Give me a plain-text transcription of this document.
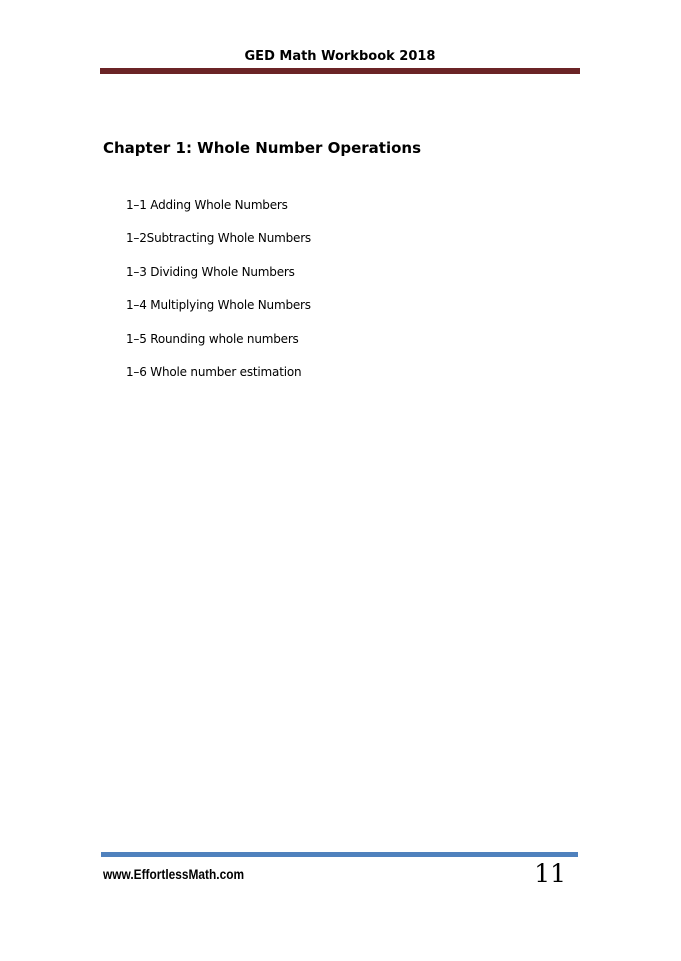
GED Math Workbook 2018
Chapter 1: Whole Number Operations
1–1 Adding Whole Numbers
1–2Subtracting Whole Numbers
1–3 Dividing Whole Numbers
1–4 Multiplying Whole Numbers
1–5 Rounding whole numbers
1–6 Whole number estimation
www.EffortlessMath.com	11
